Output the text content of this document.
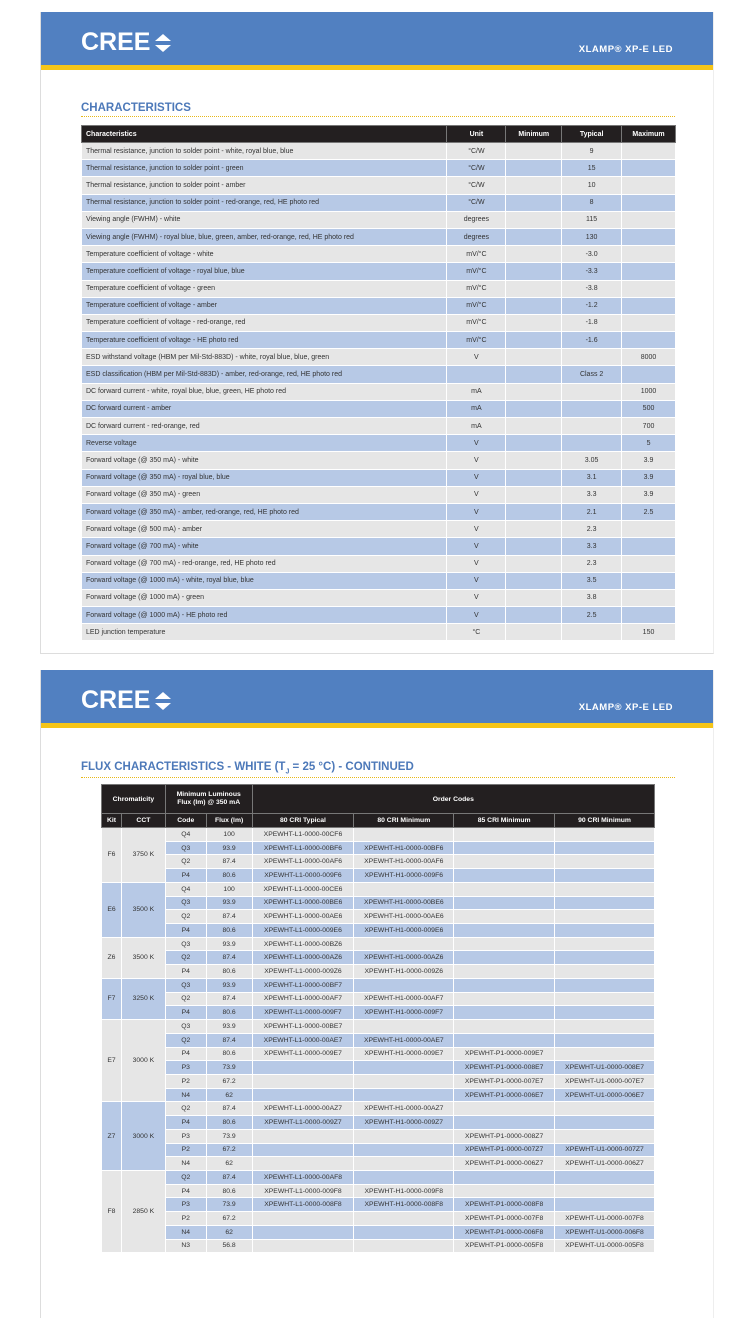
CREE	XLAMP® XP-E LED
CHARACTERISTICS
Characteristics	Unit	Minimum	Typical	Maximum
Thermal resistance, junction to solder point - white, royal blue, blue	°C/W		9	
Thermal resistance, junction to solder point - green	°C/W		15	
Thermal resistance, junction to solder point - amber	°C/W		10	
Thermal resistance, junction to solder point - red-orange, red, HE photo red	°C/W		8	
Viewing angle (FWHM) - white	degrees		115	
Viewing angle (FWHM) - royal blue, blue, green, amber, red-orange, red, HE photo red	degrees		130	
Temperature coefficient of voltage - white	mV/°C		-3.0	
Temperature coefficient of voltage - royal blue, blue	mV/°C		-3.3	
Temperature coefficient of voltage - green	mV/°C		-3.8	
Temperature coefficient of voltage - amber	mV/°C		-1.2	
Temperature coefficient of voltage - red-orange, red	mV/°C		-1.8	
Temperature coefficient of voltage - HE photo red	mV/°C		-1.6	
ESD withstand voltage (HBM per Mil-Std-883D) - white, royal blue, blue, green	V			8000
ESD classification (HBM per Mil-Std-883D) - amber, red-orange, red, HE photo red			Class 2	
DC forward current - white, royal blue, blue, green, HE photo red	mA			1000
DC forward current - amber	mA			500
DC forward current - red-orange, red	mA			700
Reverse voltage	V			5
Forward voltage (@ 350 mA) - white	V		3.05	3.9
Forward voltage (@ 350 mA) - royal blue, blue	V		3.1	3.9
Forward voltage (@ 350 mA) - green	V		3.3	3.9
Forward voltage (@ 350 mA) - amber, red-orange, red, HE photo red	V		2.1	2.5
Forward voltage (@ 500 mA) - amber	V		2.3	
Forward voltage (@ 700 mA) - white	V		3.3	
Forward voltage (@ 700 mA) - red-orange, red, HE photo red	V		2.3	
Forward voltage (@ 1000 mA) - white, royal blue, blue	V		3.5	
Forward voltage (@ 1000 mA) - green	V		3.8	
Forward voltage (@ 1000 mA) - HE photo red	V		2.5	
LED junction temperature	°C			150
CREE	XLAMP® XP-E LED
FLUX CHARACTERISTICS - WHITE ($T_J = 25$ °C) - CONTINUED
Chromaticity		Minimum Luminous Flux (lm) @ 350 mA		Order Codes			
Kit	CCT	Code	Flux (lm)	80 CRI Typical	80 CRI Minimum	85 CRI Minimum	90 CRI Minimum
F6	3750 K	Q4	100	XPEWHT-L1-0000-00CF6			
		Q3	93.9	XPEWHT-L1-0000-00BF6	XPEWHT-H1-0000-00BF6		
		Q2	87.4	XPEWHT-L1-0000-00AF6	XPEWHT-H1-0000-00AF6		
		P4	80.6	XPEWHT-L1-0000-009F6	XPEWHT-H1-0000-009F6		
E6	3500 K	Q4	100	XPEWHT-L1-0000-00CE6			
		Q3	93.9	XPEWHT-L1-0000-00BE6	XPEWHT-H1-0000-00BE6		
		Q2	87.4	XPEWHT-L1-0000-00AE6	XPEWHT-H1-0000-00AE6		
		P4	80.6	XPEWHT-L1-0000-009E6	XPEWHT-H1-0000-009E6		
Z6	3500 K	Q3	93.9	XPEWHT-L1-0000-00BZ6			
		Q2	87.4	XPEWHT-L1-0000-00AZ6	XPEWHT-H1-0000-00AZ6		
		P4	80.6	XPEWHT-L1-0000-009Z6	XPEWHT-H1-0000-009Z6		
F7	3250 K	Q3	93.9	XPEWHT-L1-0000-00BF7			
		Q2	87.4	XPEWHT-L1-0000-00AF7	XPEWHT-H1-0000-00AF7		
		P4	80.6	XPEWHT-L1-0000-009F7	XPEWHT-H1-0000-009F7		
E7	3000 K	Q3	93.9	XPEWHT-L1-0000-00BE7			
		Q2	87.4	XPEWHT-L1-0000-00AE7	XPEWHT-H1-0000-00AE7		
		P4	80.6	XPEWHT-L1-0000-009E7	XPEWHT-H1-0000-009E7	XPEWHT-P1-0000-009E7	
		P3	73.9			XPEWHT-P1-0000-008E7	XPEWHT-U1-0000-008E7
		P2	67.2			XPEWHT-P1-0000-007E7	XPEWHT-U1-0000-007E7
		N4	62			XPEWHT-P1-0000-006E7	XPEWHT-U1-0000-006E7
Z7	3000 K	Q2	87.4	XPEWHT-L1-0000-00AZ7	XPEWHT-H1-0000-00AZ7		
		P4	80.6	XPEWHT-L1-0000-009Z7	XPEWHT-H1-0000-009Z7		
		P3	73.9			XPEWHT-P1-0000-008Z7	
		P2	67.2			XPEWHT-P1-0000-007Z7	XPEWHT-U1-0000-007Z7
		N4	62			XPEWHT-P1-0000-006Z7	XPEWHT-U1-0000-006Z7
F8	2850 K	Q2	87.4	XPEWHT-L1-0000-00AF8			
		P4	80.6	XPEWHT-L1-0000-009F8	XPEWHT-H1-0000-009F8		
		P3	73.9	XPEWHT-L1-0000-008F8	XPEWHT-H1-0000-008F8	XPEWHT-P1-0000-008F8	
		P2	67.2			XPEWHT-P1-0000-007F8	XPEWHT-U1-0000-007F8
		N4	62			XPEWHT-P1-0000-006F8	XPEWHT-U1-0000-006F8
		N3	56.8			XPEWHT-P1-0000-005F8	XPEWHT-U1-0000-005F8
